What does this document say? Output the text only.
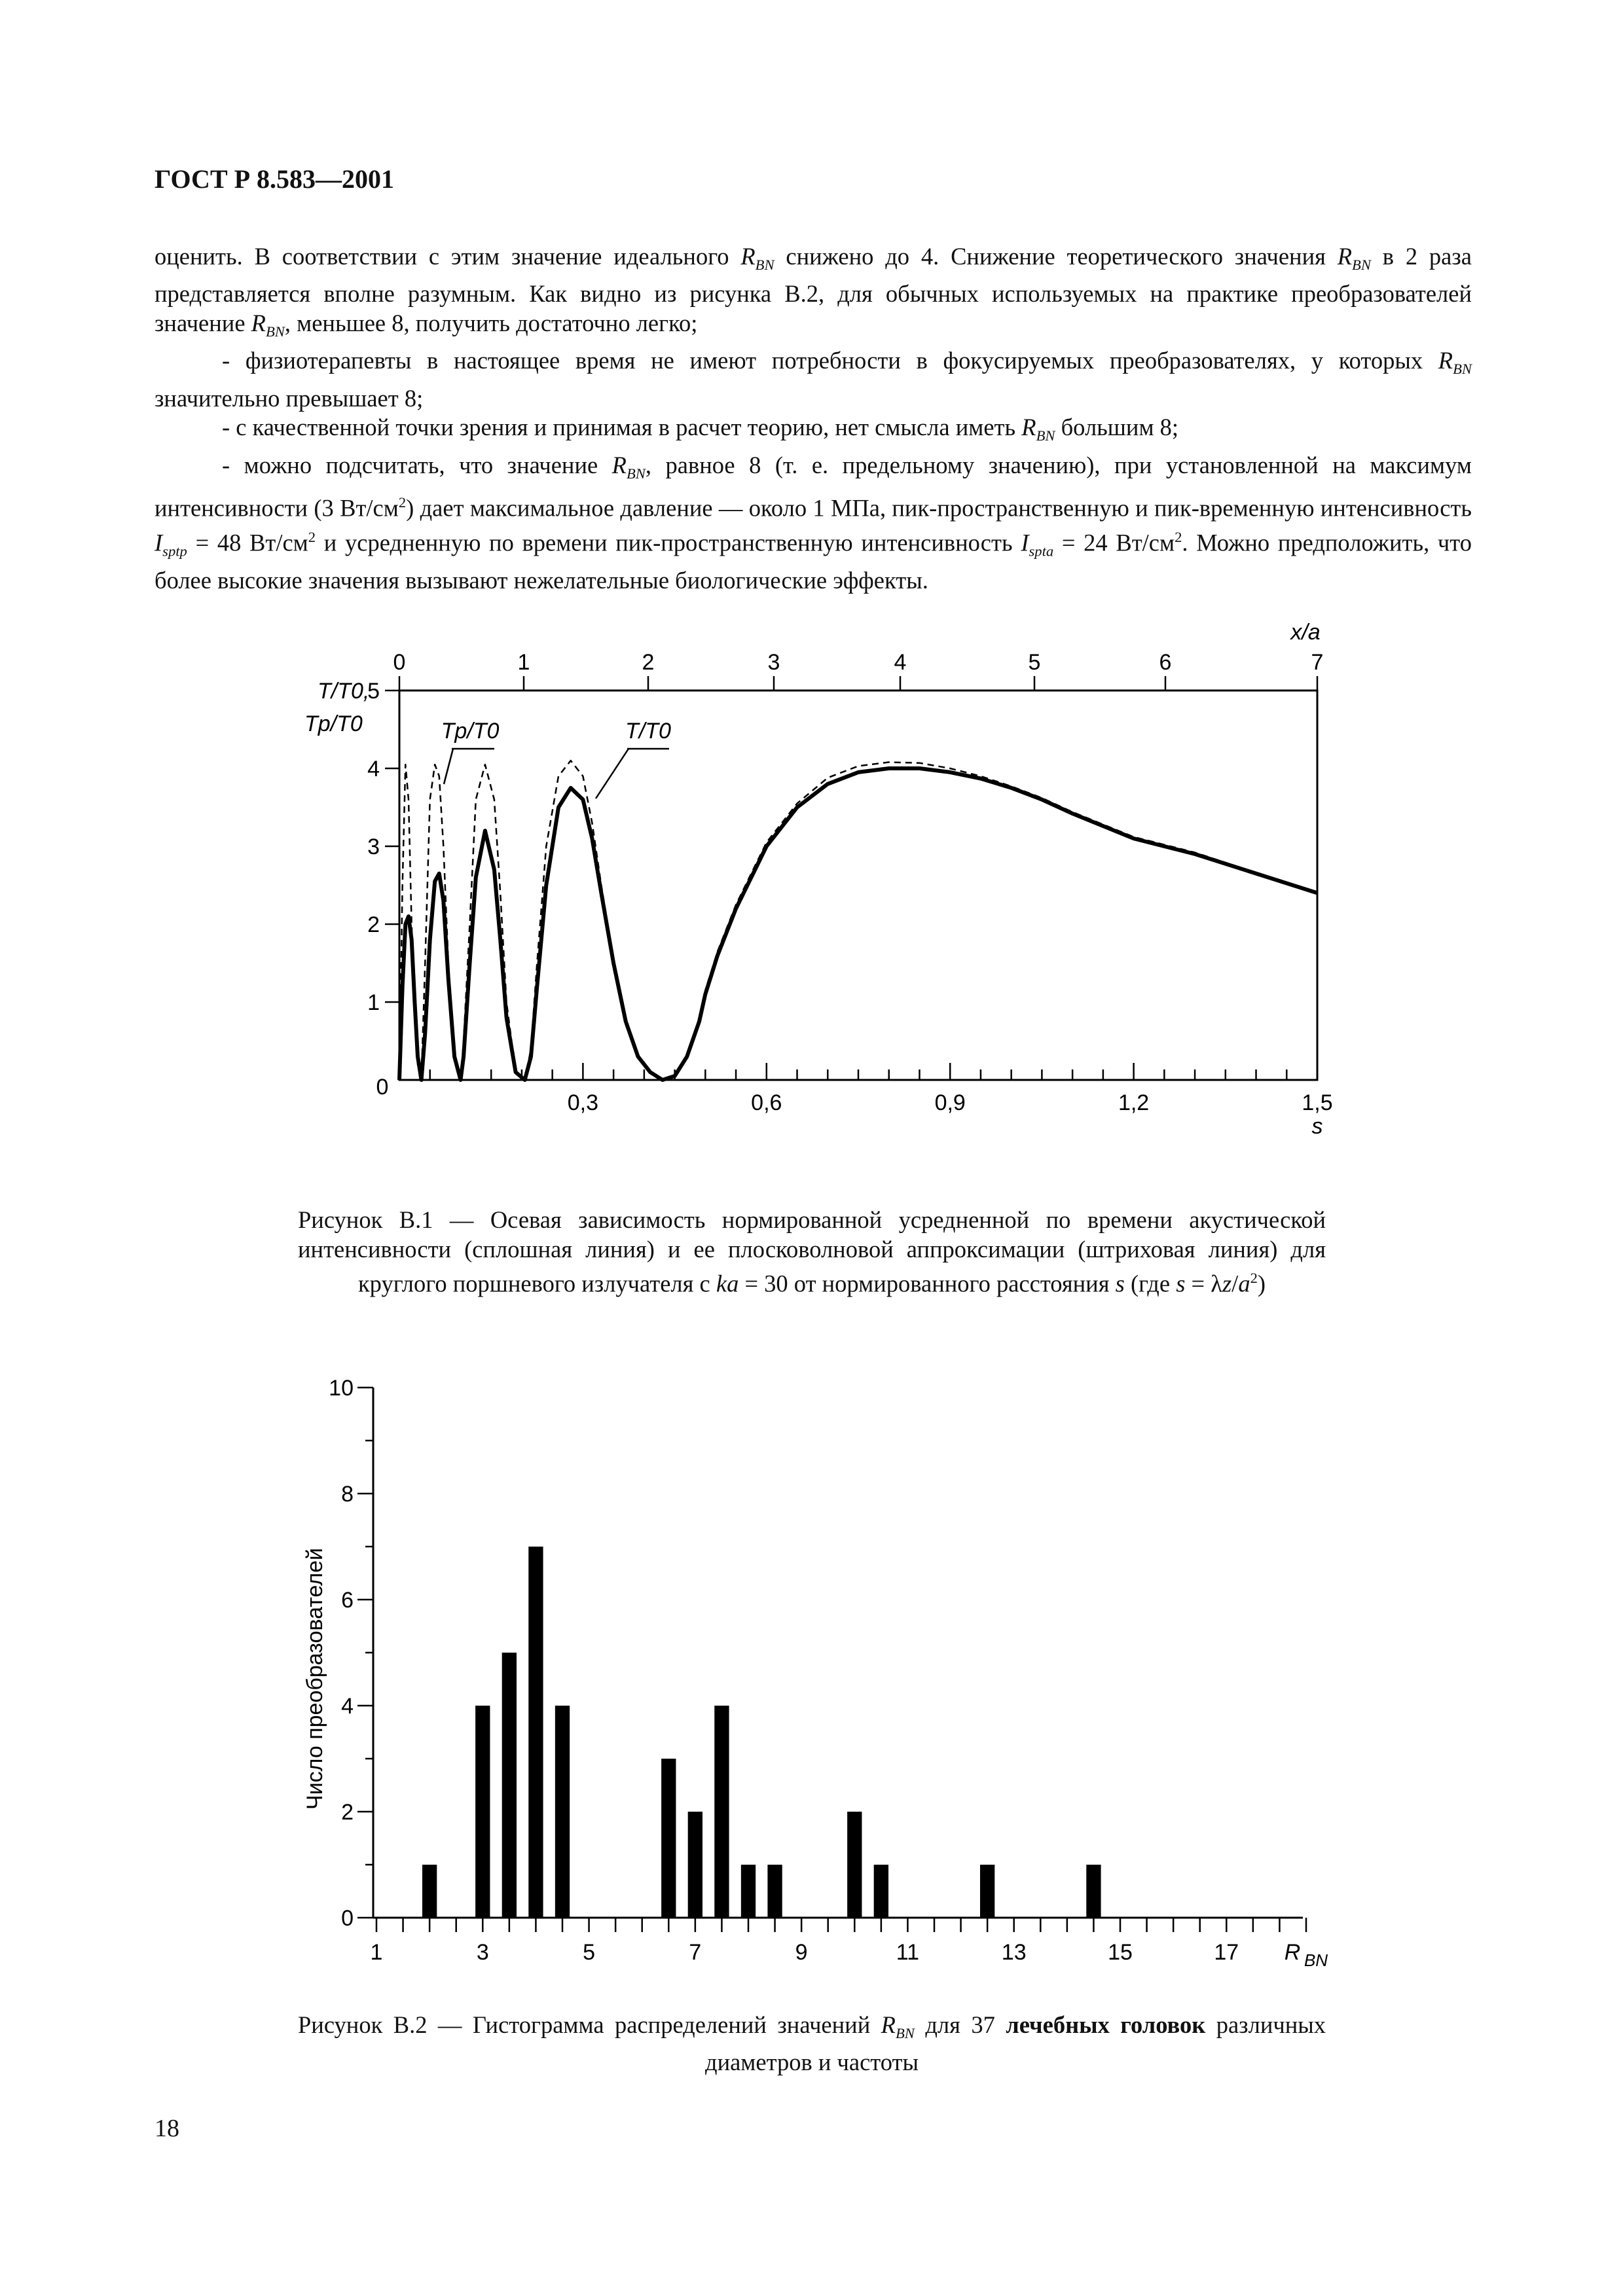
ГОСТ Р 8.583—2001

оценить. В соответствии с этим значение идеального $R_{BN}$ снижено до 4. Снижение теоретического значения $R_{BN}$ в 2 раза представляется вполне разумным. Как видно из рисунка В.2, для обычных используемых на практике преобразователей значение $R_{BN}$, меньшее 8, получить достаточно легко;

- физиотерапевты в настоящее время не имеют потребности в фокусируемых преобразователях, у которых $R_{BN}$ значительно превышает 8;

- с качественной точки зрения и принимая в расчет теорию, нет смысла иметь $R_{BN}$ большим 8;

- можно подсчитать, что значение $R_{BN}$, равное 8 (т. е. предельному значению), при установленной на максимум интенсивности (3 $Вт/см^2$) дает максимальное давление — около 1 МПа, пик-пространственную и пик-временную интенсивность $I_{sptp} = 48$ $Вт/см^2$ и усредненную по времени пик-пространственную интенсивность $I_{spta} = 24$ $Вт/см^2$. Можно предположить, что более высокие значения вызывают нежелательные биологические эффекты.

0,3	0,6	0,9	1,2	1,5
s
0
0	1	2	3	4	5	6	7
x/a
1
2
3
4
5
T/T0,
Tp/T0	Tp/T0	T/T0
Рисунок В.1 — Осевая зависимость нормированной усредненной по времени акустической интенсивности (сплошная линия) и ее плосковолновой аппроксимации (штриховая линия) для круглого поршневого излучателя с ka = 30 от нормированного расстояния s (где $s = \lambda z/a^2$)
1	3	5	7	9	11	13	15	17 R BN
0
2
4
6
8
10
Число преобразователей
Рисунок В.2 — Гистограмма распределений значений $R_{BN}$ для 37 лечебных головок различных диаметров и частоты
18
